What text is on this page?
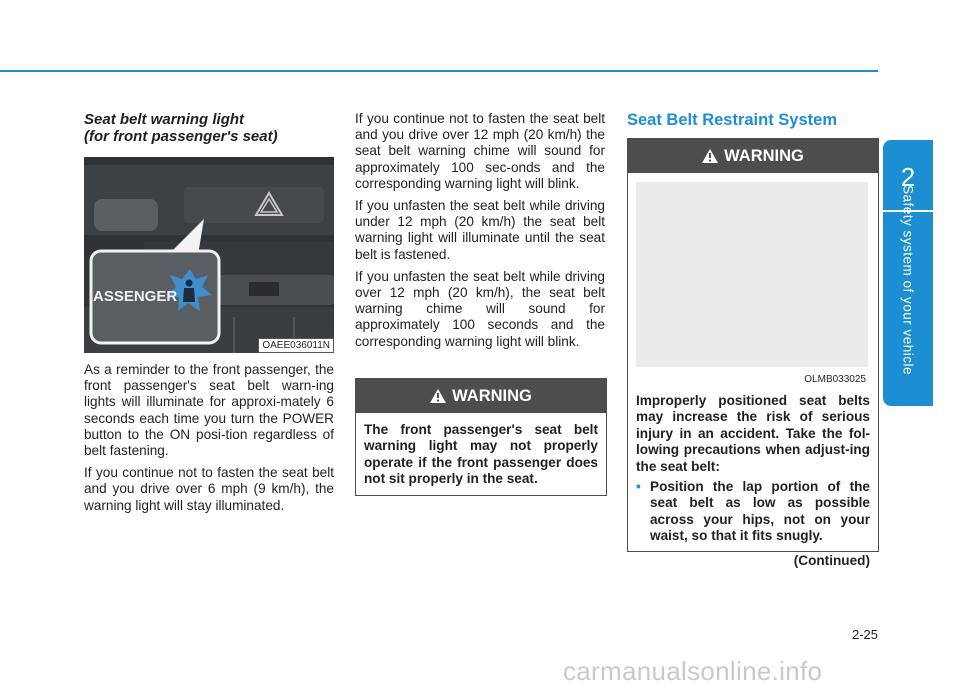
2
Safety system of your vehicle
Seat belt warning light
(for front passenger's seat)
ASSENGER
OAEE036011N

As a reminder to the front passenger, the front passenger's seat belt warn-ing lights will illuminate for approxi-mately 6 seconds each time you turn the POWER button to the ON posi-tion regardless of belt fastening.

If you continue not to fasten the seat belt and you drive over 6 mph (9 km/h), the warning light will stay illuminated.

If you continue not to fasten the seat belt and you drive over 12 mph (20 km/h) the seat belt warning chime will sound for approximately 100 sec-onds and the corresponding warning light will blink.

If you unfasten the seat belt while driving under 12 mph (20 km/h) the seat belt warning light will illuminate until the seat belt is fastened.

If you unfasten the seat belt while driving over 12 mph (20 km/h), the seat belt warning chime will sound for approximately 100 seconds and the corresponding warning light will blink.

WARNING
The front passenger's seat belt warning light may not properly operate if the front passenger does not sit properly in the seat.
Seat Belt Restraint System
WARNING
OLMB033025
Improperly positioned seat belts may increase the risk of serious injury in an accident. Take the fol-lowing precautions when adjust-ing the seat belt:
• Position the lap portion of the seat belt as low as possible across your hips, not on your waist, so that it fits snugly.
(Continued)
2-25
carmanualsonline.info
